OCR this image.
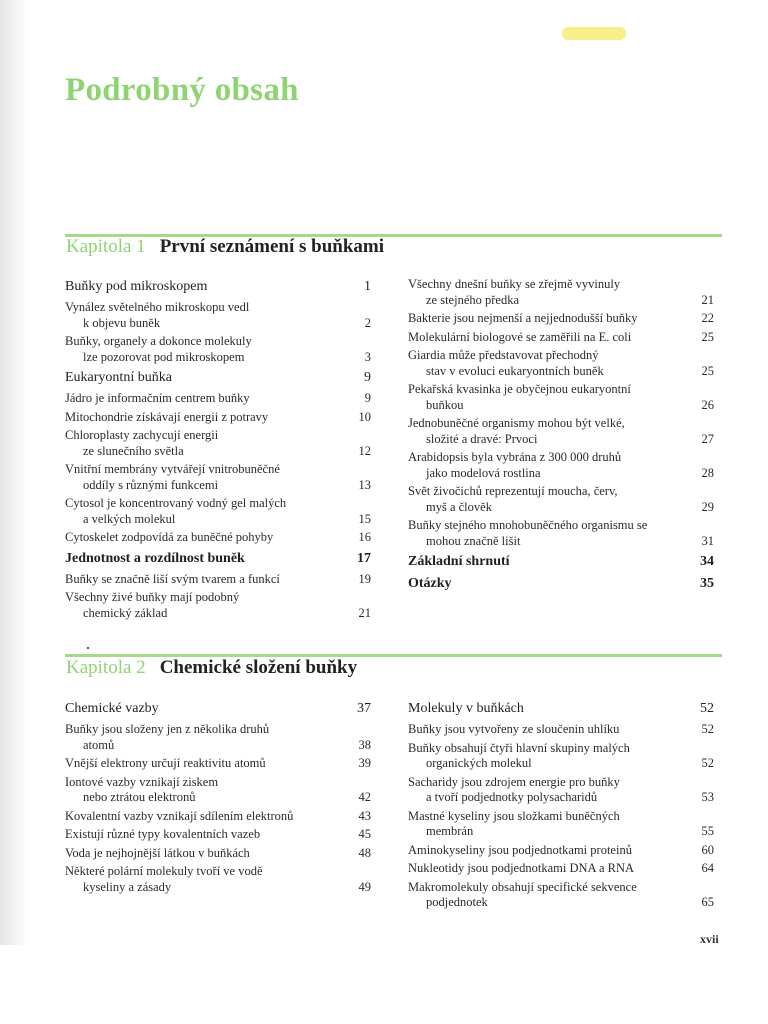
Podrobný obsah
Kapitola 1 První seznámení s buňkami
Buňky pod mikroskopem	1
Vynález světelného mikroskopu vedl
k objevu buněk	2
Buňky, organely a dokonce molekuly
lze pozorovat pod mikroskopem	3
Eukaryontní buňka	9
Jádro je informačním centrem buňky	9
Mitochondrie získávají energii z potravy	10
Chloroplasty zachycují energii
ze slunečního světla	12
Vnitřní membrány vytvářejí vnitrobuněčné
oddíly s různými funkcemi	13
Cytosol je koncentrovaný vodný gel malých
a velkých molekul	15
Cytoskelet zodpovídá za buněčné pohyby	16
Jednotnost a rozdílnost buněk	17
Buňky se značně liší svým tvarem a funkcí	19
Všechny živé buňky mají podobný
chemický základ	21
Všechny dnešní buňky se zřejmě vyvinuly
ze stejného předka	21
Bakterie jsou nejmenší a nejjednodušší buňky	22
Molekulární biologové se zaměřili na E. coli	25
Giardia může představovat přechodný
stav v evoluci eukaryontních buněk	25
Pekařská kvasinka je obyčejnou eukaryontní
buňkou	26
Jednobuněčné organismy mohou být velké,
složité a dravé: Prvoci	27
Arabidopsis byla vybrána z 300 000 druhů
jako modelová rostlina	28
Svět živočichů reprezentují moucha, červ,
myš a člověk	29
Buňky stejného mnohobuněčného organismu se
mohou značně lišit	31
Základní shrnutí	34
Otázky	35
Kapitola 2 Chemické složení buňky
Chemické vazby	37
Buňky jsou složeny jen z několika druhů
atomů	38
Vnější elektrony určují reaktivitu atomů	39
Iontové vazby vznikají ziskem
nebo ztrátou elektronů	42
Kovalentní vazby vznikají sdílením elektronů	43
Existují různé typy kovalentních vazeb	45
Voda je nejhojnější látkou v buňkách	48
Některé polární molekuly tvoří ve vodě
kyseliny a zásady	49
Molekuly v buňkách	52
Buňky jsou vytvořeny ze sloučenin uhlíku	52
Buňky obsahují čtyři hlavní skupiny malých
organických molekul	52
Sacharidy jsou zdrojem energie pro buňky
a tvoří podjednotky polysacharidů	53
Mastné kyseliny jsou složkami buněčných
membrán	55
Aminokyseliny jsou podjednotkami proteinů	60
Nukleotidy jsou podjednotkami DNA a RNA	64
Makromolekuly obsahují specifické sekvence
podjednotek	65
xvii
